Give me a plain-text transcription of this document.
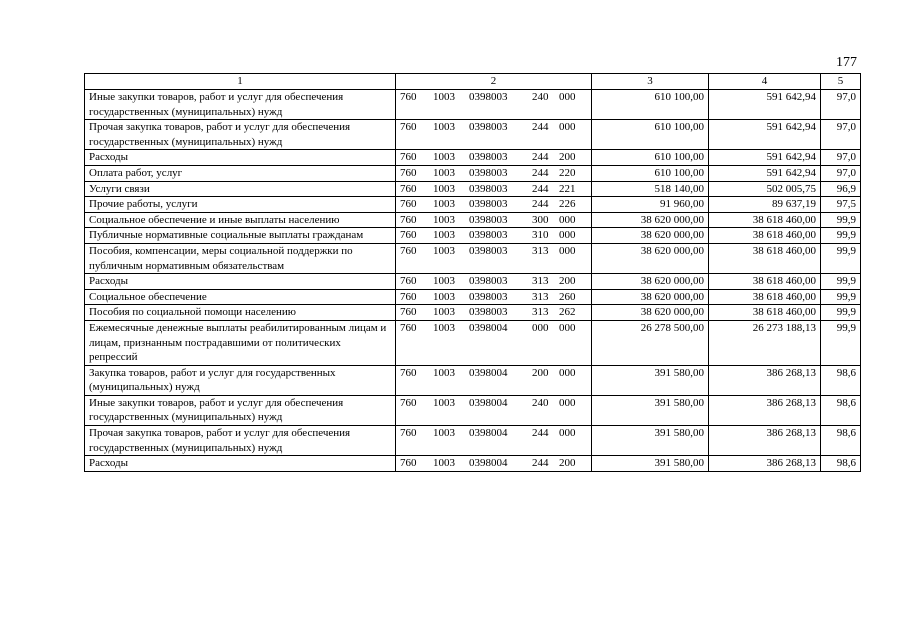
177
1	2	3	4	5
Иные закупки товаров, работ и услуг для обеспечения государственных (муниципальных) нужд	760 1003 0398003 240 000	610 100,00	591 642,94	97,0
Прочая закупка товаров, работ и услуг для обеспечения государственных (муниципальных) нужд	760 1003 0398003 244 000	610 100,00	591 642,94	97,0
Расходы	760 1003 0398003 244 200	610 100,00	591 642,94	97,0
Оплата работ, услуг	760 1003 0398003 244 220	610 100,00	591 642,94	97,0
Услуги связи	760 1003 0398003 244 221	518 140,00	502 005,75	96,9
Прочие работы, услуги	760 1003 0398003 244 226	91 960,00	89 637,19	97,5
Социальное обеспечение и иные выплаты населению	760 1003 0398003 300 000	38 620 000,00	38 618 460,00	99,9
Публичные нормативные социальные выплаты гражданам	760 1003 0398003 310 000	38 620 000,00	38 618 460,00	99,9
Пособия, компенсации, меры социальной поддержки по публичным нормативным обязательствам	760 1003 0398003 313 000	38 620 000,00	38 618 460,00	99,9
Расходы	760 1003 0398003 313 200	38 620 000,00	38 618 460,00	99,9
Социальное обеспечение	760 1003 0398003 313 260	38 620 000,00	38 618 460,00	99,9
Пособия по социальной помощи населению	760 1003 0398003 313 262	38 620 000,00	38 618 460,00	99,9
Ежемесячные денежные выплаты реабилитированным лицам и лицам, признанным пострадавшими от политических репрессий	760 1003 0398004 000 000	26 278 500,00	26 273 188,13	99,9
Закупка товаров, работ и услуг для государственных (муниципальных) нужд	760 1003 0398004 200 000	391 580,00	386 268,13	98,6
Иные закупки товаров, работ и услуг для обеспечения государственных (муниципальных) нужд	760 1003 0398004 240 000	391 580,00	386 268,13	98,6
Прочая закупка товаров, работ и услуг для обеспечения государственных (муниципальных) нужд	760 1003 0398004 244 000	391 580,00	386 268,13	98,6
Расходы	760 1003 0398004 244 200	391 580,00	386 268,13	98,6
